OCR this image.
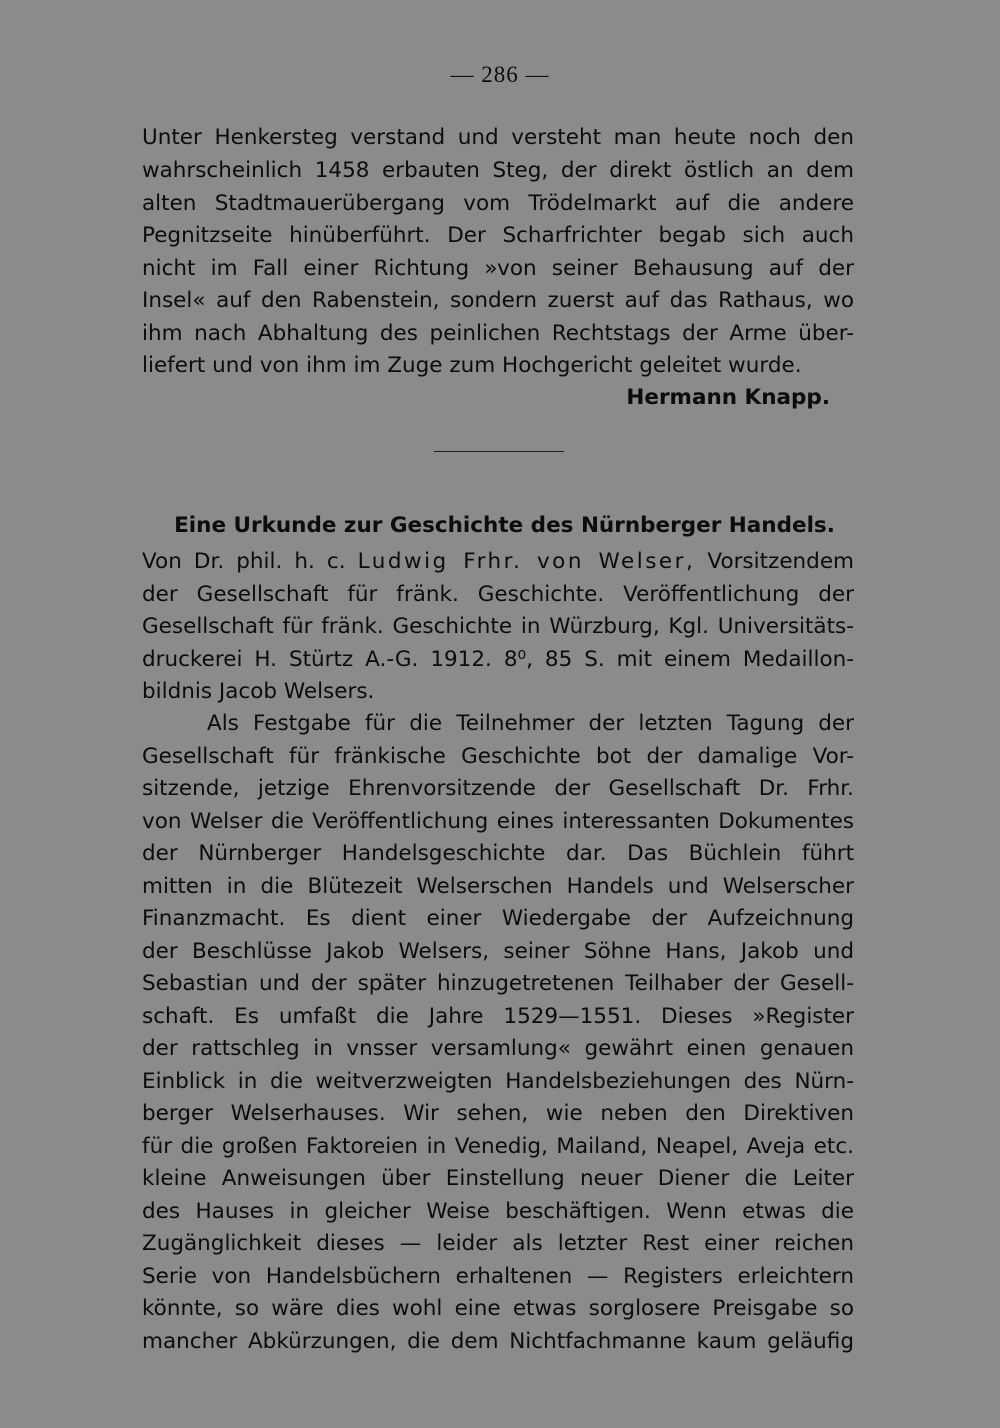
— 286 —
Unter Henkersteg verstand und versteht man heute noch den
wahrscheinlich 1458 erbauten Steg, der direkt östlich an dem
alten Stadtmauerübergang vom Trödelmarkt auf die andere
Pegnitzseite hinüberführt. Der Scharfrichter begab sich auch
nicht im Fall einer Richtung »von seiner Behausung auf der
Insel« auf den Rabenstein, sondern zuerst auf das Rathaus, wo
ihm nach Abhaltung des peinlichen Rechtstags der Arme über-
liefert und von ihm im Zuge zum Hochgericht geleitet wurde.
Hermann Knapp.
Eine Urkunde zur Geschichte des Nürnberger Handels.
Von Dr. phil. h. c. Ludwig Frhr. von Welser, Vorsitzendem
der Gesellschaft für fränk. Geschichte. Veröffentlichung der
Gesellschaft für fränk. Geschichte in Würzburg, Kgl. Universitäts-
druckerei H. Stürtz A.-G. 1912. 8⁰, 85 S. mit einem Medaillon-
bildnis Jacob Welsers.
Als Festgabe für die Teilnehmer der letzten Tagung der
Gesellschaft für fränkische Geschichte bot der damalige Vor-
sitzende, jetzige Ehrenvorsitzende der Gesellschaft Dr. Frhr.
von Welser die Veröffentlichung eines interessanten Dokumentes
der Nürnberger Handelsgeschichte dar. Das Büchlein führt
mitten in die Blütezeit Welserschen Handels und Welserscher
Finanzmacht. Es dient einer Wiedergabe der Aufzeichnung
der Beschlüsse Jakob Welsers, seiner Söhne Hans, Jakob und
Sebastian und der später hinzugetretenen Teilhaber der Gesell-
schaft. Es umfaßt die Jahre 1529—1551. Dieses »Register
der rattschleg in vnsser versamlung« gewährt einen genauen
Einblick in die weitverzweigten Handelsbeziehungen des Nürn-
berger Welserhauses. Wir sehen, wie neben den Direktiven
für die großen Faktoreien in Venedig, Mailand, Neapel, Aveja etc.
kleine Anweisungen über Einstellung neuer Diener die Leiter
des Hauses in gleicher Weise beschäftigen. Wenn etwas die
Zugänglichkeit dieses — leider als letzter Rest einer reichen
Serie von Handelsbüchern erhaltenen — Registers erleichtern
könnte, so wäre dies wohl eine etwas sorglosere Preisgabe so
mancher Abkürzungen, die dem Nichtfachmanne kaum geläufig
